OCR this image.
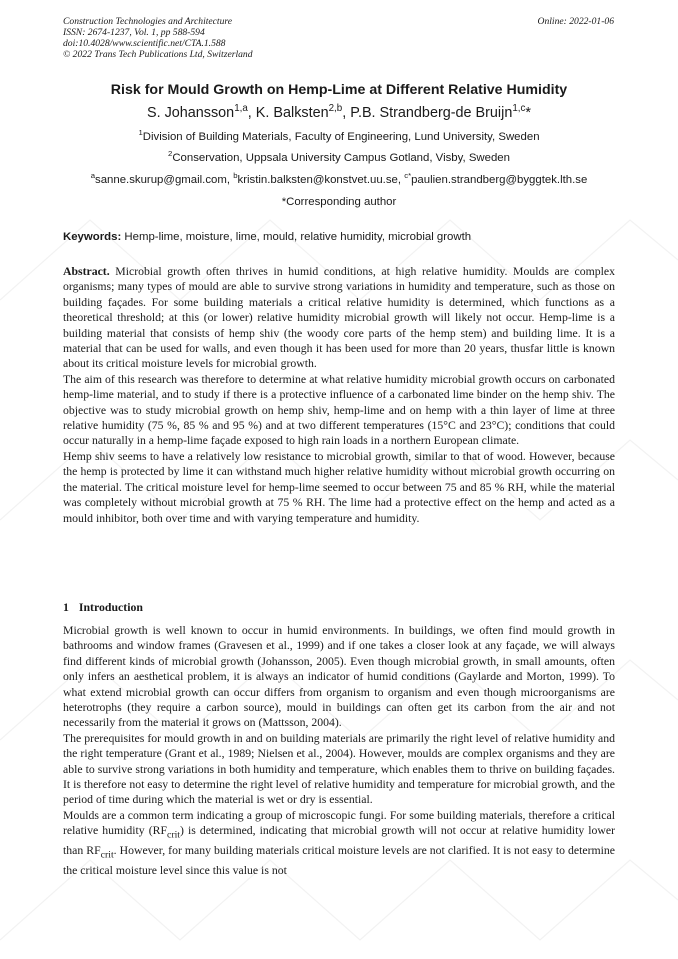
Construction Technologies and Architecture
ISSN: 2674-1237, Vol. 1, pp 588-594
doi:10.4028/www.scientific.net/CTA.1.588
© 2022 Trans Tech Publications Ltd, Switzerland
Online: 2022-01-06
Risk for Mould Growth on Hemp-Lime at Different Relative Humidity
S. Johansson$^{1,a}$, K. Balksten$^{2,b}$, P.B. Strandberg-de Bruijn$^{1,c}$*
$^1$Division of Building Materials, Faculty of Engineering, Lund University, Sweden
$^2$Conservation, Uppsala University Campus Gotland, Visby, Sweden
$^a$sanne.skurup@gmail.com, $^b$kristin.balksten@konstvet.uu.se, $^{c*}$paulien.strandberg@byggtek.lth.se
*Corresponding author
Keywords: Hemp-lime, moisture, lime, mould, relative humidity, microbial growth

Abstract. Microbial growth often thrives in humid conditions, at high relative humidity. Moulds are complex organisms; many types of mould are able to survive strong variations in humidity and temperature, such as those on building façades. For some building materials a critical relative humidity is determined, which functions as a theoretical threshold; at this (or lower) relative humidity microbial growth will likely not occur. Hemp-lime is a building material that consists of hemp shiv (the woody core parts of the hemp stem) and building lime. It is a material that can be used for walls, and even though it has been used for more than 20 years, thusfar little is known about its critical moisture levels for microbial growth.

The aim of this research was therefore to determine at what relative humidity microbial growth occurs on carbonated hemp-lime material, and to study if there is a protective influence of a carbonated lime binder on the hemp shiv. The objective was to study microbial growth on hemp shiv, hemp-lime and on hemp with a thin layer of lime at three relative humidity (75 %, 85 % and 95 %) and at two different temperatures (15°C and 23°C); conditions that could occur naturally in a hemp-lime façade exposed to high rain loads in a northern European climate.

Hemp shiv seems to have a relatively low resistance to microbial growth, similar to that of wood. However, because the hemp is protected by lime it can withstand much higher relative humidity without microbial growth occurring on the material. The critical moisture level for hemp-lime seemed to occur between 75 and 85 % RH, while the material was completely without microbial growth at 75 % RH. The lime had a protective effect on the hemp and acted as a mould inhibitor, both over time and with varying temperature and humidity.

1 Introduction

Microbial growth is well known to occur in humid environments. In buildings, we often find mould growth in bathrooms and window frames (Gravesen et al., 1999) and if one takes a closer look at any façade, we will always find different kinds of microbial growth (Johansson, 2005). Even though microbial growth, in small amounts, often only infers an aesthetical problem, it is always an indicator of humid conditions (Gaylarde and Morton, 1999). To what extend microbial growth can occur differs from organism to organism and even though microorganisms are heterotrophs (they require a carbon source), mould in buildings can often get its carbon from the air and not necessarily from the material it grows on (Mattsson, 2004).

The prerequisites for mould growth in and on building materials are primarily the right level of relative humidity and the right temperature (Grant et al., 1989; Nielsen et al., 2004). However, moulds are complex organisms and they are able to survive strong variations in both humidity and temperature, which enables them to thrive on building façades. It is therefore not easy to determine the right level of relative humidity and temperature for microbial growth, and the period of time during which the material is wet or dry is essential.

Moulds are a common term indicating a group of microscopic fungi. For some building materials, therefore a critical relative humidity $(RF_{crit})$ is determined, indicating that microbial growth will not occur at relative humidity lower than $RF_{crit}$. However, for many building materials critical moisture levels are not clarified. It is not easy to determine the critical moisture level since this value is not
